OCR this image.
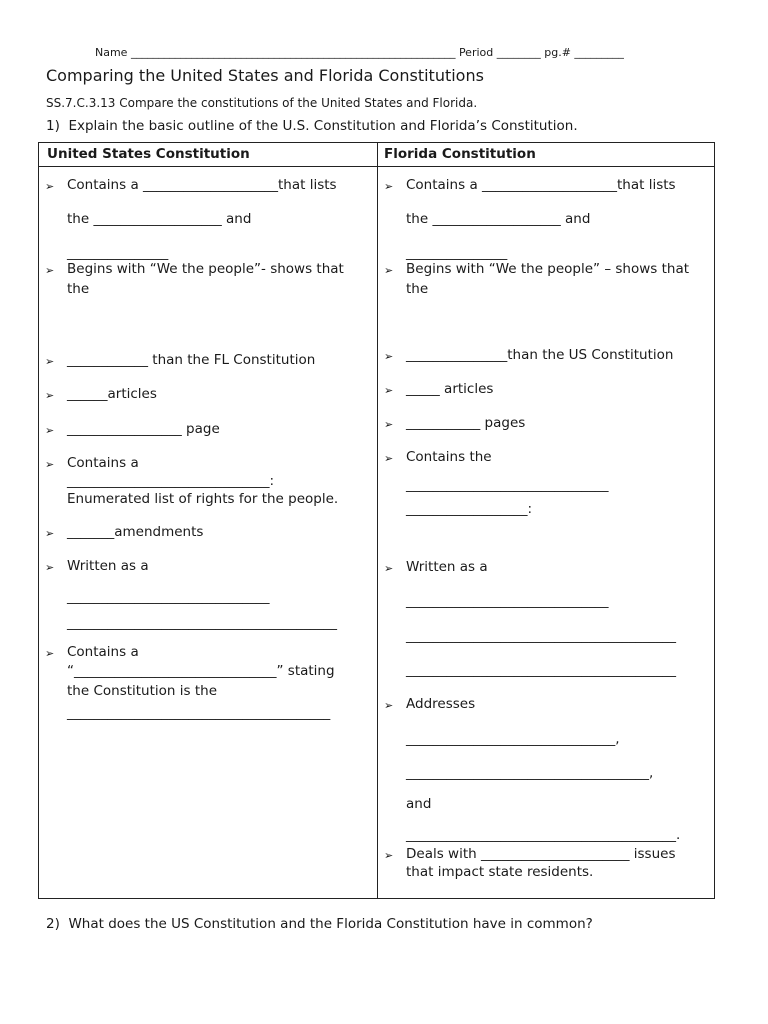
Name ___________________________________________________________ Period ________ pg.# _________
Comparing the United States and Florida Constitutions
SS.7.C.3.13 Compare the constitutions of the United States and Florida.
1)  Explain the basic outline of the U.S. Constitution and Florida’s Constitution.
United States Constitution	Florida Constitution
➢ Contains a ____________________that lists
the ___________________ and
_______________
➢ Begins with “We the people”- shows that
the
➢ ____________ than the FL Constitution
➢ ______articles
➢ _________________ page
➢ Contains a
______________________________:
Enumerated list of rights for the people.
➢ _______amendments
➢ Written as a
______________________________
________________________________________
➢ Contains a
“______________________________” stating
the Constitution is the
_______________________________________
➢ Contains a ____________________that lists
the ___________________ and
_______________
➢ Begins with “We the people” – shows that
the
➢ _______________than the US Constitution
➢ _____ articles
➢ ___________ pages
➢ Contains the
______________________________
__________________:
➢ Written as a
______________________________
________________________________________
________________________________________
➢ Addresses
_______________________________,
____________________________________,
and
________________________________________.
➢ Deals with ______________________ issues
that impact state residents.
2)  What does the US Constitution and the Florida Constitution have in common?
